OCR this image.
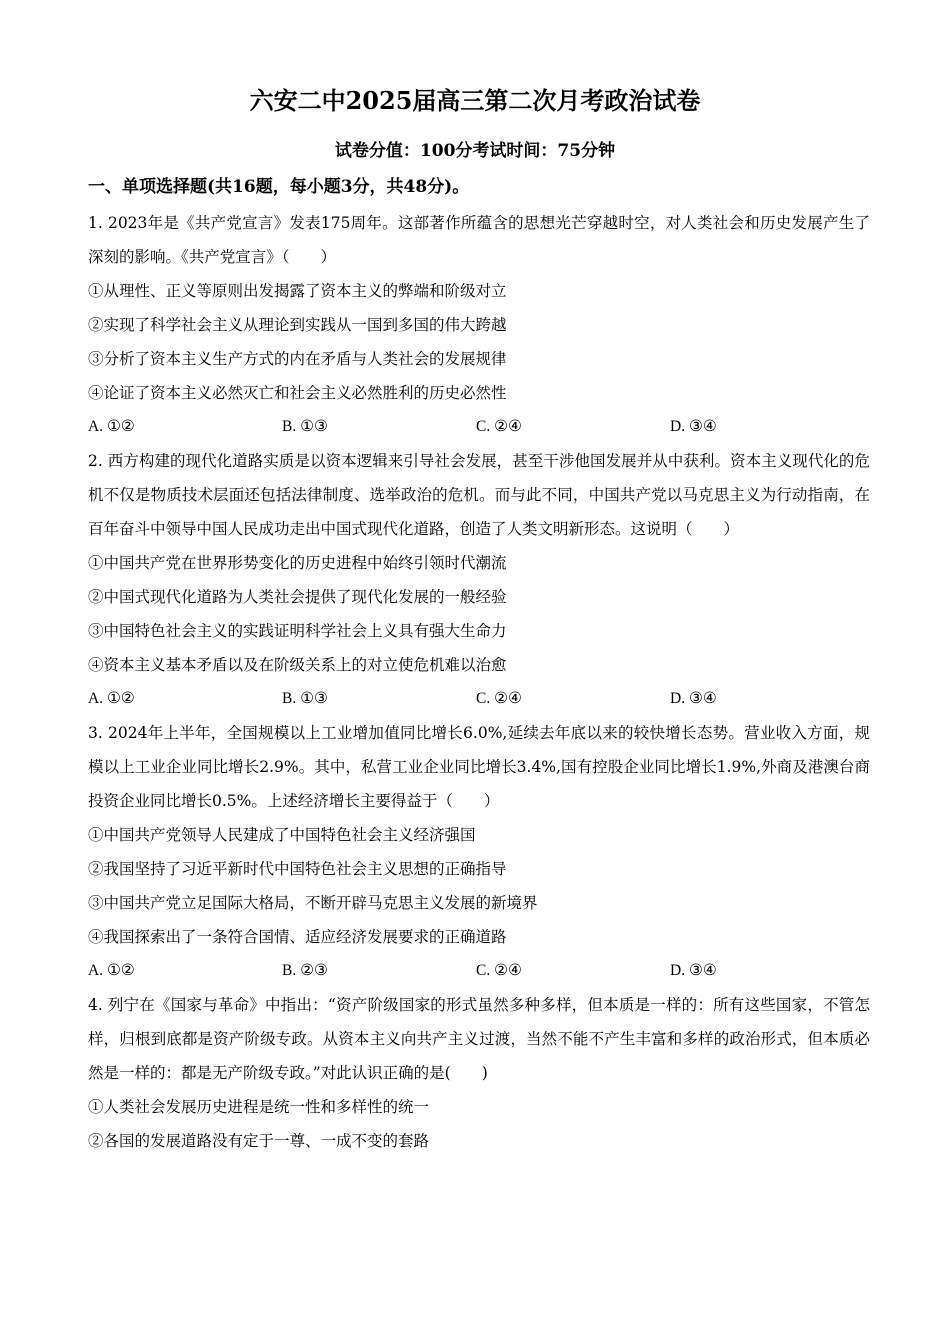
六安二中2025届高三第二次月考政治试卷
试卷分值：100分考试时间：75分钟
一、单项选择题(共16题，每小题3分，共48分)。

1. 2023年是《共产党宣言》发表175周年。这部著作所蕴含的思想光芒穿越时空，对人类社会和历史发展产生了深刻的影响。《共产党宣言》（　　）

①从理性、正义等原则出发揭露了资本主义的弊端和阶级对立

②实现了科学社会主义从理论到实践从一国到多国的伟大跨越

③分析了资本主义生产方式的内在矛盾与人类社会的发展规律

④论证了资本主义必然灭亡和社会主义必然胜利的历史必然性

A. ①②	B. ①③	C. ②④	D. ③④

2. 西方构建的现代化道路实质是以资本逻辑来引导社会发展，甚至干涉他国发展并从中获利。资本主义现代化的危机不仅是物质技术层面还包括法律制度、选举政治的危机。而与此不同，中国共产党以马克思主义为行动指南，在百年奋斗中领导中国人民成功走出中国式现代化道路，创造了人类文明新形态。这说明（　　）

①中国共产党在世界形势变化的历史进程中始终引领时代潮流

②中国式现代化道路为人类社会提供了现代化发展的一般经验

③中国特色社会主义的实践证明科学社会上义具有强大生命力

④资本主义基本矛盾以及在阶级关系上的对立使危机难以治愈

A. ①②	B. ①③	C. ②④	D. ③④

3. 2024年上半年，全国规模以上工业增加值同比增长6.0%,延续去年底以来的较快增长态势。营业收入方面，规模以上工业企业同比增长2.9%。其中，私营工业企业同比增长3.4%,国有控股企业同比增长1.9%,外商及港澳台商投资企业同比增长0.5%。上述经济增长主要得益于（　　）

①中国共产党领导人民建成了中国特色社会主义经济强国

②我国坚持了习近平新时代中国特色社会主义思想的正确指导

③中国共产党立足国际大格局，不断开辟马克思主义发展的新境界

④我国探索出了一条符合国情、适应经济发展要求的正确道路

A. ①②	B. ②③	C. ②④	D. ③④

4. 列宁在《国家与革命》中指出：“资产阶级国家的形式虽然多种多样，但本质是一样的：所有这些国家，不管怎样，归根到底都是资产阶级专政。从资本主义向共产主义过渡，当然不能不产生丰富和多样的政治形式，但本质必然是一样的：都是无产阶级专政。”对此认识正确的是(　　)

①人类社会发展历史进程是统一性和多样性的统一

②各国的发展道路没有定于一尊、一成不变的套路
